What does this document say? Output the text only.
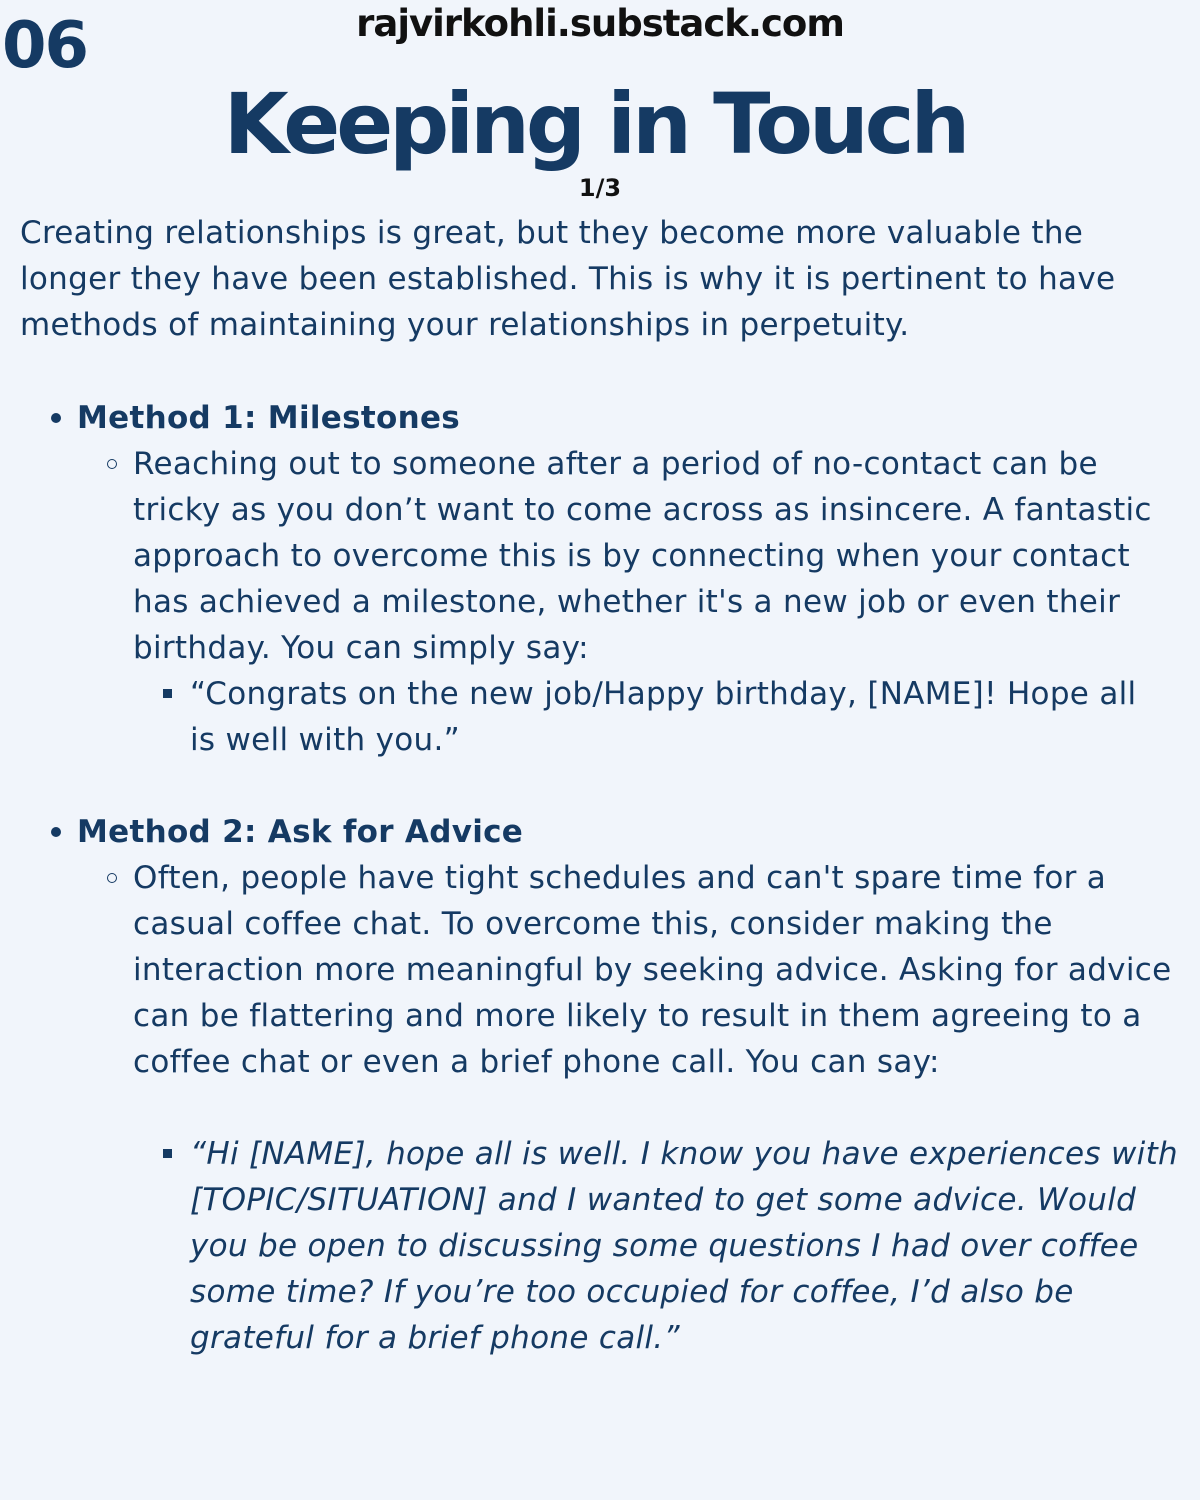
06	rajvirkohli.substack.com
Keeping in Touch
1/3

Creating relationships is great, but they become more valuable the longer they have been established. This is why it is pertinent to have methods of maintaining your relationships in perpetuity.

Method 1: Milestones

Reaching out to someone after a period of no-contact can be tricky as you don’t want to come across as insincere. A fantastic approach to overcome this is by connecting when your contact has achieved a milestone, whether it's a new job or even their birthday. You can simply say:

“Congrats on the new job/Happy birthday, [NAME]! Hope all is well with you.”

Method 2: Ask for Advice

Often, people have tight schedules and can't spare time for a casual coffee chat. To overcome this, consider making the interaction more meaningful by seeking advice. Asking for advice can be flattering and more likely to result in them agreeing to a coffee chat or even a brief phone call. You can say:

“Hi [NAME], hope all is well. I know you have experiences with [TOPIC/SITUATION] and I wanted to get some advice. Would you be open to discussing some questions I had over coffee some time? If you’re too occupied for coffee, I’d also be grateful for a brief phone call.”
